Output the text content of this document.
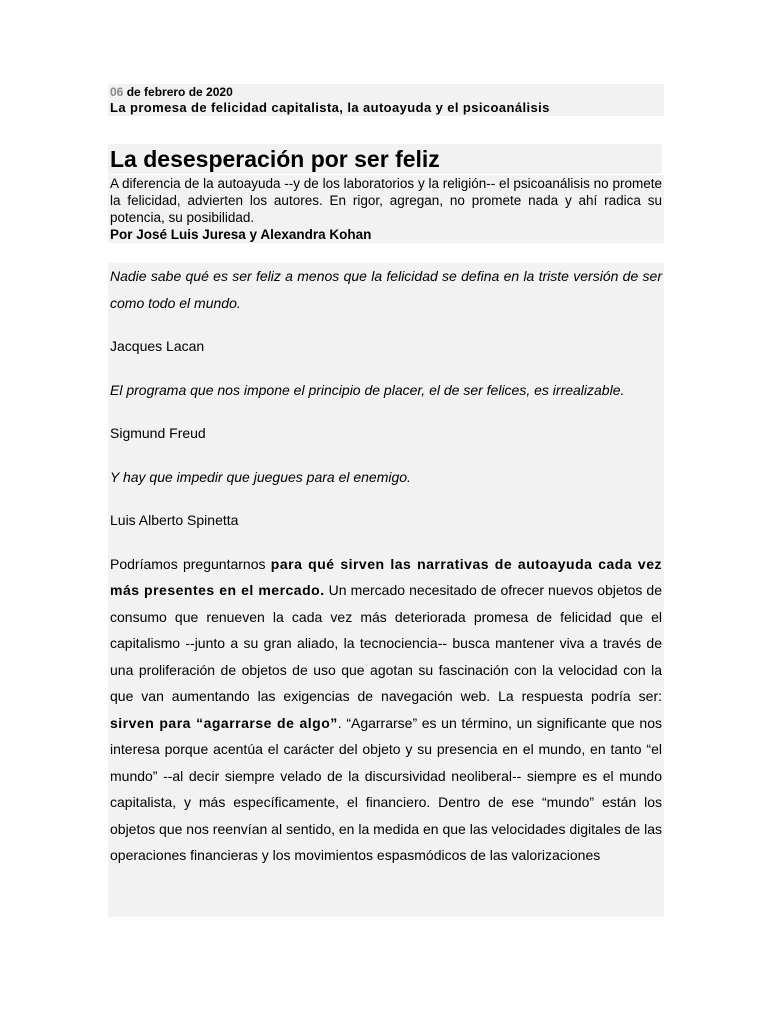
06 de febrero de 2020
La promesa de felicidad capitalista, la autoayuda y el psicoanálisis
La desesperación por ser feliz
A diferencia de la autoayuda --y de los laboratorios y la religión-- el psicoanálisis no promete la felicidad, advierten los autores. En rigor, agregan, no promete nada y ahí radica su potencia, su posibilidad.
Por José Luis Juresa y Alexandra Kohan

Nadie sabe qué es ser feliz a menos que la felicidad se defina en la triste versión de ser como todo el mundo.

Jacques Lacan

El programa que nos impone el principio de placer, el de ser felices, es irrealizable.

Sigmund Freud

Y hay que impedir que juegues para el enemigo.

Luis Alberto Spinetta

Podríamos preguntarnos para qué sirven las narrativas de autoayuda cada vez más presentes en el mercado. Un mercado necesitado de ofrecer nuevos objetos de consumo que renueven la cada vez más deteriorada promesa de felicidad que el capitalismo --junto a su gran aliado, la tecnociencia-- busca mantener viva a través de una proliferación de objetos de uso que agotan su fascinación con la velocidad con la que van aumentando las exigencias de navegación web. La respuesta podría ser: sirven para “agarrarse de algo”. “Agarrarse” es un término, un significante que nos interesa porque acentúa el carácter del objeto y su presencia en el mundo, en tanto “el mundo” --al decir siempre velado de la discursividad neoliberal-- siempre es el mundo capitalista, y más específicamente, el financiero. Dentro de ese “mundo” están los objetos que nos reenvían al sentido, en la medida en que las velocidades digitales de las operaciones financieras y los movimientos espasmódicos de las valorizaciones
